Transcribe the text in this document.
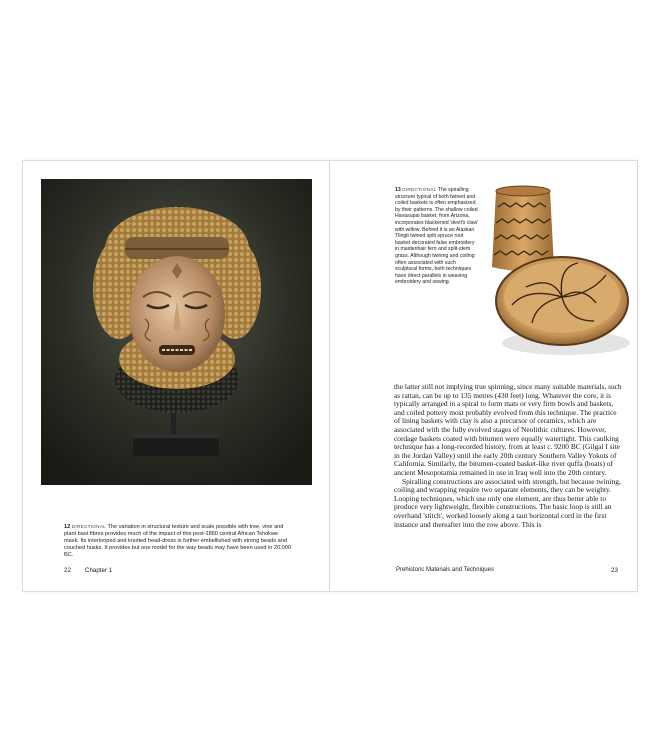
12 DIRECTIONAL The variation in structural texture and scale possible with tree, vine and plant bast fibres provides much of the impact of this post-1860 central African Tshokwe mask. Its interlooped and knotted head-dress is further embellished with strong beads and couched husks. It provides but one model for the way beads may have been used in 20,000 BC.
22 Chapter 1
13 DIRECTIONAL The spiralling structure typical of both twined and coiled baskets is often emphasized by their patterns. The shallow coiled Havasupai basket, from Arizona, incorporates blackened 'devil's claw' with willow. Behind it is an Alaskan Tlingit twined split spruce root basket decorated false embroidery in maidenhair fern and split-stem grass. Although twining and coiling often associated with such sculptural forms, both techniques have direct parallels in weaving embroidery and sewing.

the latter still not implying true spinning, since many suitable materials, such as rattan, can be up to 135 metres (430 feet) long. Whatever the core, it is typically arranged in a spiral to form mats or very firm bowls and baskets, and coiled pottery most probably evolved from this technique. The practice of lining baskets with clay is also a precursor of ceramics, which are associated with the fully evolved stages of Neolithic cultures. However, cordage baskets coated with bitumen were equally watertight. This caulking technique has a long-recorded history, from at least c. 9200 BC (Gilgal I site in the Jordan Valley) until the early 20th century Southern Valley Yokuts of California. Similarly, the bitumen-coated basket-like river quffa (boats) of ancient Mesopotamia remained in use in Iraq well into the 20th century.

Spiralling constructions are associated with strength, but because twining, coiling and wrapping require two separate elements, they can be weighty. Looping techniques, which use only one element, are thus better able to produce very lightweight, flexible constructions. The basic loop is still an overhand 'stitch', worked loosely along a taut horizontal cord in the first instance and thereafter into the row above. This is

Prehistoric Materials and Techniques	23
